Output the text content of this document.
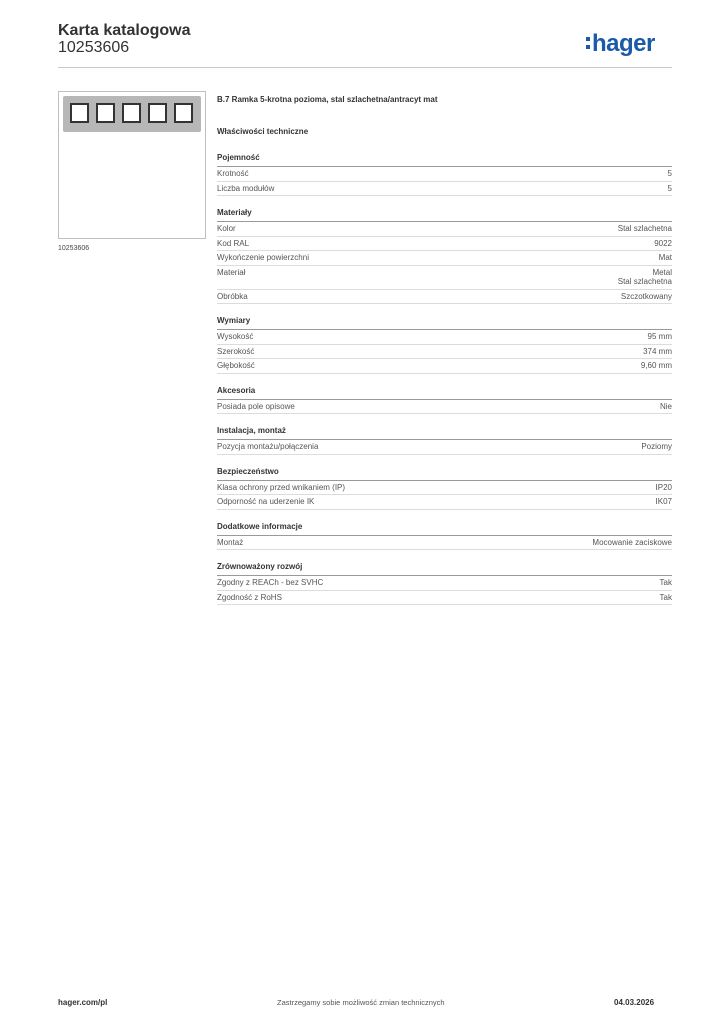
Karta katalogowa
10253606	hager
10253606
B.7 Ramka 5-krotna pozioma, stal szlachetna/antracyt mat
Właściwości techniczne
Pojemność
Krotność	5
Liczba modułów	5
Materiały
Kolor	Stal szlachetna
Kod RAL	9022
Wykończenie powierzchni	Mat
Materiał	Metal
Stal szlachetna
Obróbka	Szczotkowany
Wymiary
Wysokość	95 mm
Szerokość	374 mm
Głębokość	9,60 mm
Akcesoria
Posiada pole opisowe	Nie
Instalacja, montaż
Pozycja montażu/połączenia	Poziomy
Bezpieczeństwo
Klasa ochrony przed wnikaniem (IP)	IP20
Odporność na uderzenie IK	IK07
Dodatkowe informacje
Montaż	Mocowanie zaciskowe
Zrównoważony rozwój
Zgodny z REACh - bez SVHC	Tak
Zgodność z RoHS	Tak
hager.com/pl	Zastrzegamy sobie możliwość zmian technicznych	04.03.2026
